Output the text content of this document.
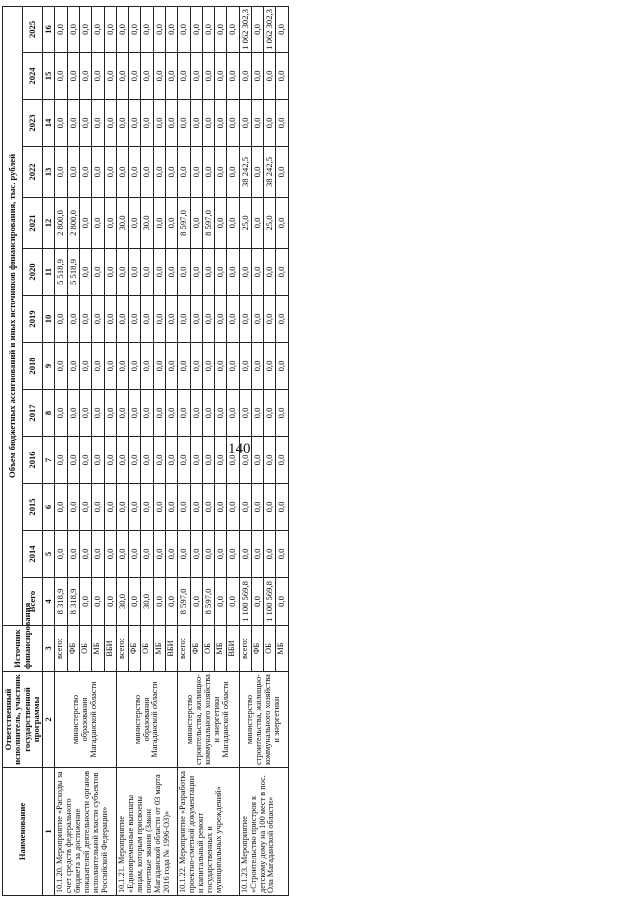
140
Наименование	Ответственный исполнитель, участник государственной программы	Источник финансирования	Объем бюджетных ассигнований и иных источников финансирования, тыс. рублей												
			Всего	2014	2015	2016	2017	2018	2019	2020	2021	2022	2023	2024	2025
1	2	3	4	5	6	7	8	9	10	11	12	13	14	15	16
10.1.20. Мероприятие «Расходы за счет средств федерального бюджета за достижение показателей деятельности органов исполнительной власти субъектов Российской Федерации»	министерство образования Магаданской области	всего:	8 318,9	0,0	0,0	0,0	0,0	0,0	0,0	5 518,9	2 800,0	0,0	0,0	0,0	0,0
		ФБ	8 318,9	0,0	0,0	0,0	0,0	0,0	0,0	5 518,9	2 800,0	0,0	0,0	0,0	0,0
		ОБ	0,0	0,0	0,0	0,0	0,0	0,0	0,0	0,0	0,0	0,0	0,0	0,0	0,0
		МБ	0,0	0,0	0,0	0,0	0,0	0,0	0,0	0,0	0,0	0,0	0,0	0,0	0,0
		ВБИ	0,0	0,0	0,0	0,0	0,0	0,0	0,0	0,0	0,0	0,0	0,0	0,0	0,0
10.1.21. Мероприятие «Единовременные выплаты лицам, которым присвоены почетные звания (Закон Магаданской области от 03 марта 2016 года № 1996-ОЗ)»	министерство образования Магаданской области	всего:	30,0	0,0	0,0	0,0	0,0	0,0	0,0	0,0	30,0	0,0	0,0	0,0	0,0
		ФБ	0,0	0,0	0,0	0,0	0,0	0,0	0,0	0,0	0,0	0,0	0,0	0,0	0,0
		ОБ	30,0	0,0	0,0	0,0	0,0	0,0	0,0	0,0	30,0	0,0	0,0	0,0	0,0
		МБ	0,0	0,0	0,0	0,0	0,0	0,0	0,0	0,0	0,0	0,0	0,0	0,0	0,0
		ВБИ	0,0	0,0	0,0	0,0	0,0	0,0	0,0	0,0	0,0	0,0	0,0	0,0	0,0
10.1.22. Мероприятие «Разработка проектно-сметной документации и капитальный ремонт государственных и муниципальных учреждений»	министерство строительства, жилищно-коммунального хозяйства и энергетики Магаданской области	всего:	8 597,0	0,0	0,0	0,0	0,0	0,0	0,0	0,0	8 597,0	0,0	0,0	0,0	0,0
		ФБ	0,0	0,0	0,0	0,0	0,0	0,0	0,0	0,0	0,0	0,0	0,0	0,0	0,0
		ОБ	8 597,0	0,0	0,0	0,0	0,0	0,0	0,0	0,0	8 597,0	0,0	0,0	0,0	0,0
		МБ	0,0	0,0	0,0	0,0	0,0	0,0	0,0	0,0	0,0	0,0	0,0	0,0	0,0
		ВБИ	0,0	0,0	0,0	0,0	0,0	0,0	0,0	0,0	0,0	0,0	0,0	0,0	0,0
10.1.23. Мероприятие «Строительство пристроя к детскому дому на 100 мест в пос. Ола Магаданской области»	министерство строительства, жилищно-коммунального хозяйства и энергетики	всего:	1 100 569,8	0,0	0,0	0,0	0,0	0,0	0,0	0,0	25,0	38 242,5	0,0	0,0	1 062 302,3
		ФБ	0,0	0,0	0,0	0,0	0,0	0,0	0,0	0,0	0,0	0,0	0,0	0,0	0,0
		ОБ	1 100 569,8	0,0	0,0	0,0	0,0	0,0	0,0	0,0	25,0	38 242,5	0,0	0,0	1 062 302,3
		МБ	0,0	0,0	0,0	0,0	0,0	0,0	0,0	0,0	0,0	0,0	0,0	0,0	0,0
